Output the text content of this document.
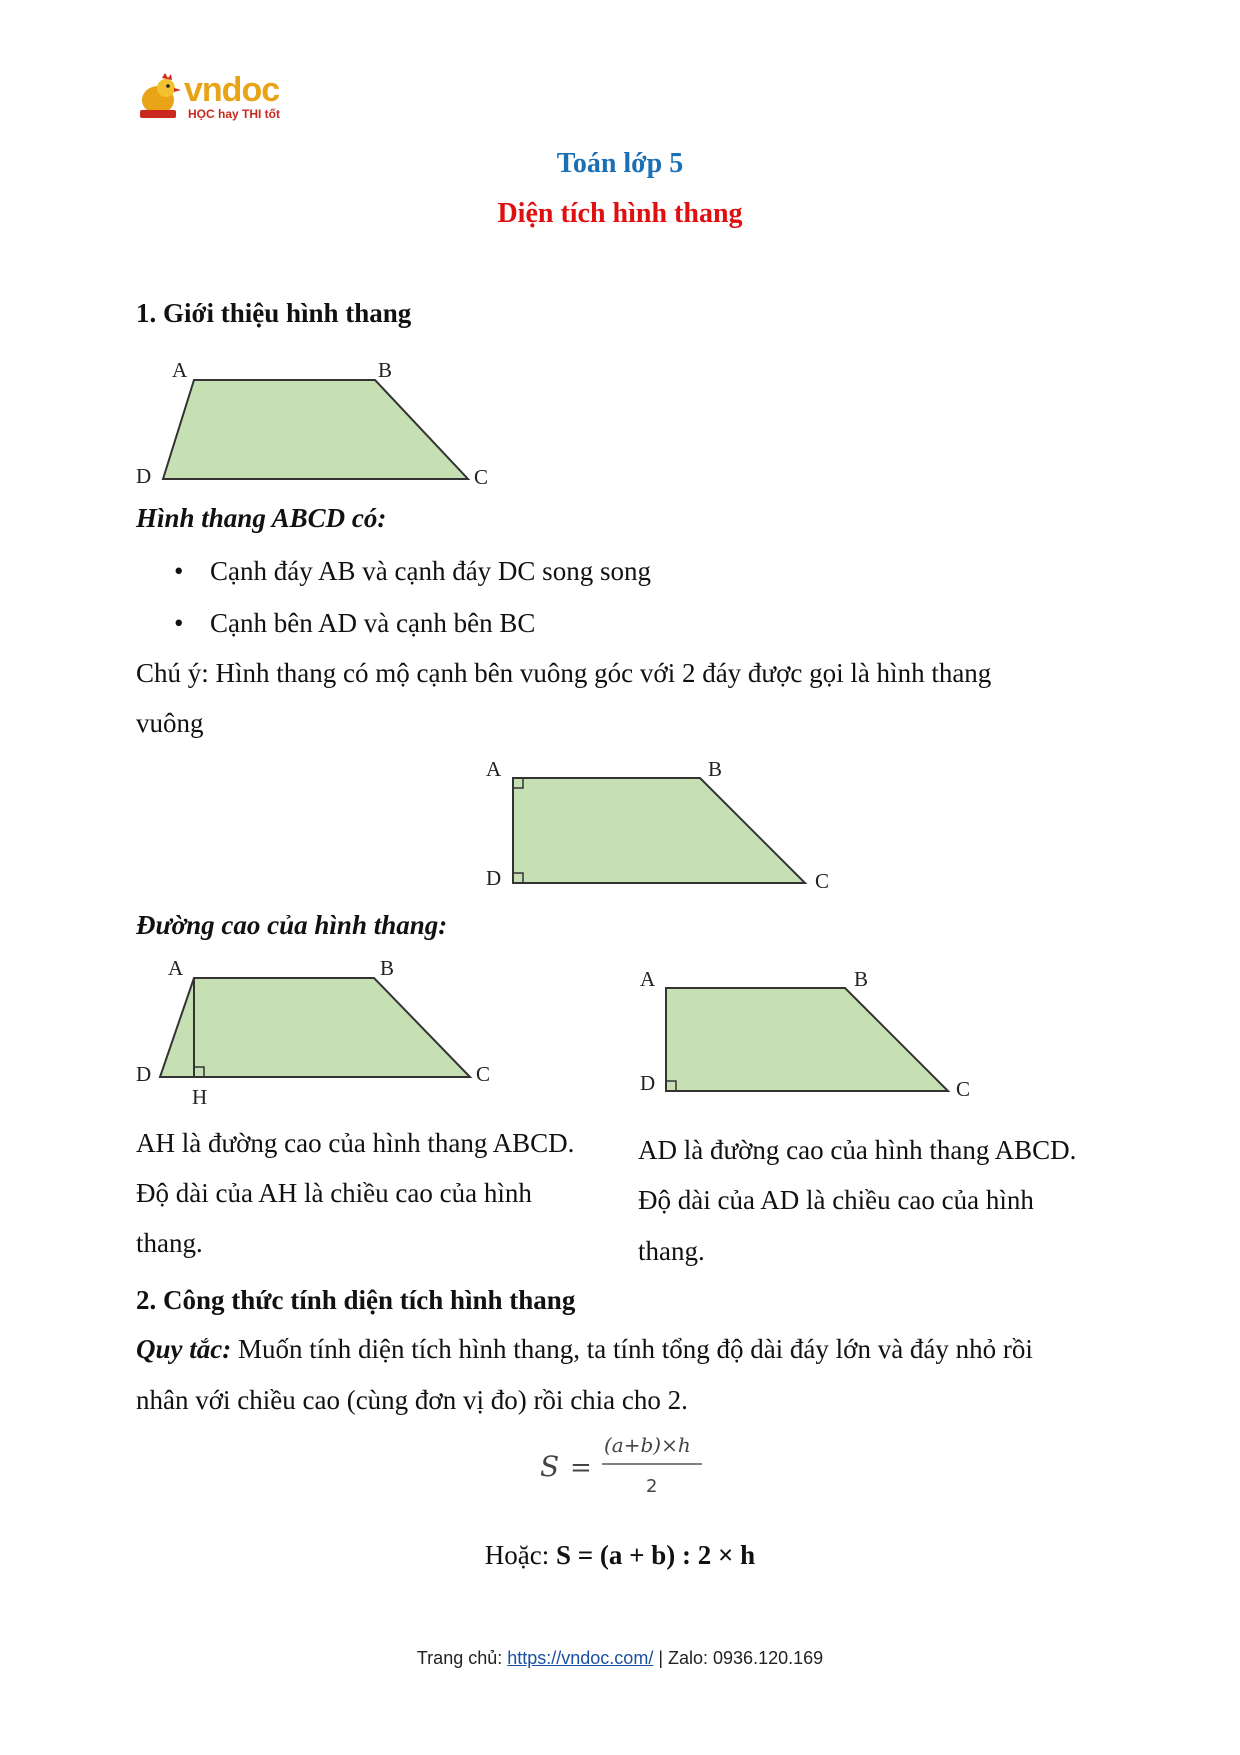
vndoc
HỌC hay THI tốt
Toán lớp 5
Diện tích hình thang
1. Giới thiệu hình thang
A	B
C
D
Hình thang ABCD có:
• Cạnh đáy AB và cạnh đáy DC song song
• Cạnh bên AD và cạnh bên BC
Chú ý: Hình thang có mộ cạnh bên vuông góc với 2 đáy được gọi là hình thang
vuông
A	B
C
D
Đường cao của hình thang:
A	B
C
D
H
A	B
C
D
AH là đường cao của hình thang ABCD.
Độ dài của AH là chiều cao của hình
thang.
AD là đường cao của hình thang ABCD.
Độ dài của AD là chiều cao của hình
thang.
2. Công thức tính diện tích hình thang
Quy tắc: Muốn tính diện tích hình thang, ta tính tổng độ dài đáy lớn và đáy nhỏ rồi
nhân với chiều cao (cùng đơn vị đo) rồi chia cho 2.
S =
(a+b)×h
2
Hoặc: S = (a + b) : 2 × h
Trang chủ: https://vndoc.com/ | Zalo: 0936.120.169
